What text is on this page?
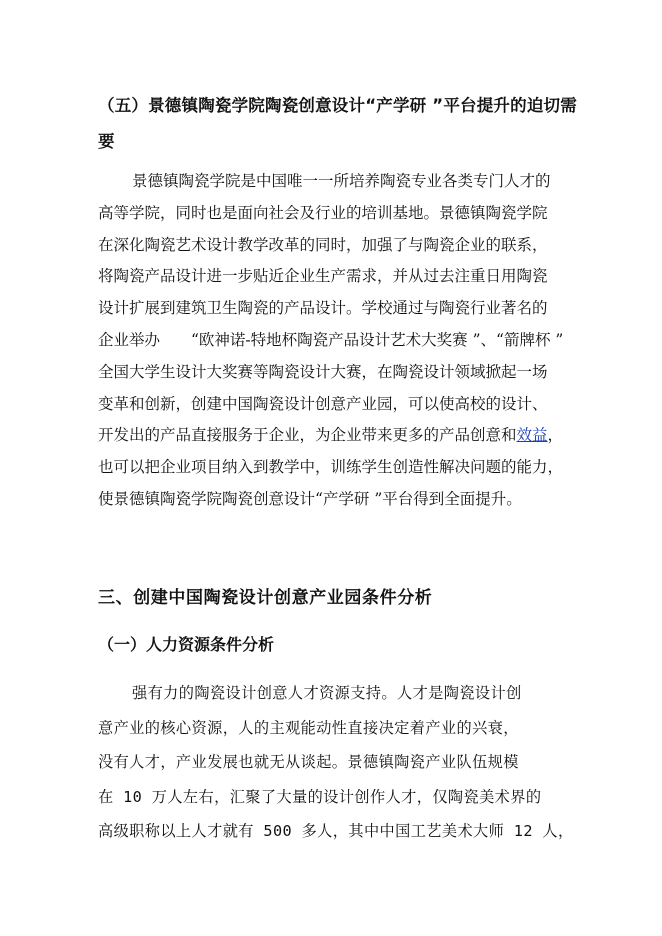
（五）景德镇陶瓷学院陶瓷创意设计“产学研 ”平台提升的迫切需
要
景德镇陶瓷学院是中国唯一一所培养陶瓷专业各类专门人才的
高等学院，同时也是面向社会及行业的培训基地。景德镇陶瓷学院
在深化陶瓷艺术设计教学改革的同时，加强了与陶瓷企业的联系，
将陶瓷产品设计进一步贴近企业生产需求，并从过去注重日用陶瓷
设计扩展到建筑卫生陶瓷的产品设计。学校通过与陶瓷行业著名的
企业举办　　“欧神诺-特地杯陶瓷产品设计艺术大奖赛 ”、“箭牌杯 ”
全国大学生设计大奖赛等陶瓷设计大赛，在陶瓷设计领域掀起一场
变革和创新，创建中国陶瓷设计创意产业园，可以使高校的设计、
开发出的产品直接服务于企业，为企业带来更多的产品创意和效益，
也可以把企业项目纳入到教学中，训练学生创造性解决问题的能力，
使景德镇陶瓷学院陶瓷创意设计“产学研 ”平台得到全面提升。
三、创建中国陶瓷设计创意产业园条件分析
（一）人力资源条件分析
强有力的陶瓷设计创意人才资源支持。人才是陶瓷设计创
意产业的核心资源，人的主观能动性直接决定着产业的兴衰，
没有人才，产业发展也就无从谈起。景德镇陶瓷产业队伍规模
在 10 万人左右，汇聚了大量的设计创作人才，仅陶瓷美术界的
高级职称以上人才就有 500 多人，其中中国工艺美术大师 12 人，
